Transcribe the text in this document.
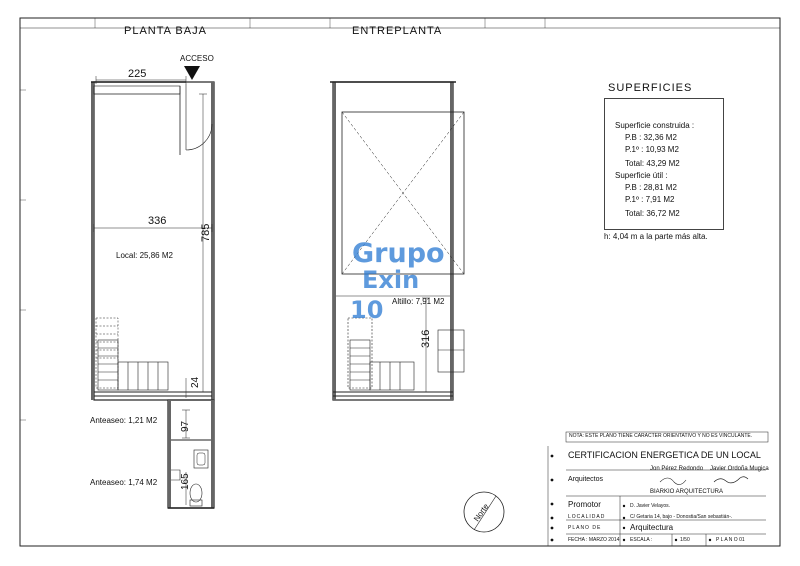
PLANTA BAJA	ENTREPLANTA
ACCESO
225
336
785
24
97
165
316
Local: 25,86 M2
Anteaseo: 1,21 M2
Anteaseo: 1,74 M2
Altillo: 7,91 M2
Grupo
Exin
10
SUPERFICIES
Superficie construida :
P.B : 32,36 M2
P.1º : 10,93 M2
Total: 43,29 M2
Superficie útil :
P.B : 28,81 M2
P.1º : 7,91 M2
Total: 36,72 M2
h: 4,04 m a la parte más alta.
Norte
NOTA: ESTE PLANO TIENE CARACTER ORIENTATIVO Y NO ES VINCULANTE.
CERTIFICACION ENERGETICA DE UN LOCAL
Jon Pérez Redondo Javier Ordoña Mugica
Arquitectos
BIARKIO ARQUITECTURA
Promotor	D. Javier Velayos.
LOCALIDAD	C/ Getaria 14, bajo - Donostia/San sebastián-.
PLANO DE	Arquitectura
FECHA : MARZO 2014 ESCALA :	1/50	P L A N O 01
